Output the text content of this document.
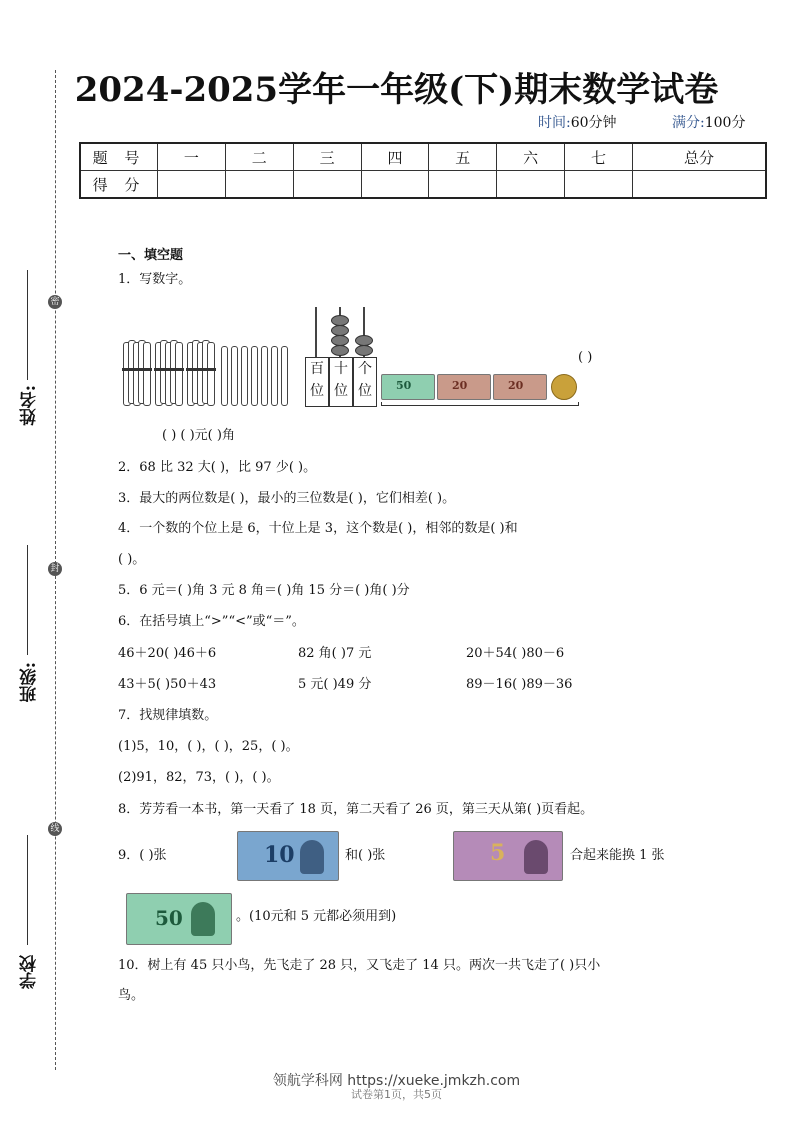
姓名:
班级:
学校
密
封
线
2024-2025学年一年级(下)期末数学试卷
时间:60分钟	满分:100分
题 号	一	二	三	四	五	六	七	总分
得 分								
一、填空题
1．写数字。
百位
十位
个位	50	20	20
( )
( ) ( )元( )角
2．68 比 32 大( )，比 97 少( )。
3．最大的两位数是( )，最小的三位数是( )，它们相差( )。
4．一个数的个位上是 6，十位上是 3，这个数是( )，相邻的数是( )和
( )。
5．6 元＝( )角 3 元 8 角＝( )角 15 分＝( )角( )分
6．在括号填上“>”“<”或“＝”。
46＋20( )46＋6	82 角( )7 元	20＋54( )80－6
43＋5( )50＋43	5 元( )49 分	89－16( )89－36
7．找规律填数。
(1)5，10，( )，( )，25，( )。
(2)91，82，73，( )，( )。
8．芳芳看一本书，第一天看了 18 页，第二天看了 26 页，第三天从第( )页看起。
9．( )张	10	和( )张	5	合起来能换 1 张
50	。(10元和 5 元都必须用到)
10．树上有 45 只小鸟，先飞走了 28 只，又飞走了 14 只。两次一共飞走了( )只小
鸟。
领航学科网 https://xueke.jmkzh.com
试卷第1页，共5页
